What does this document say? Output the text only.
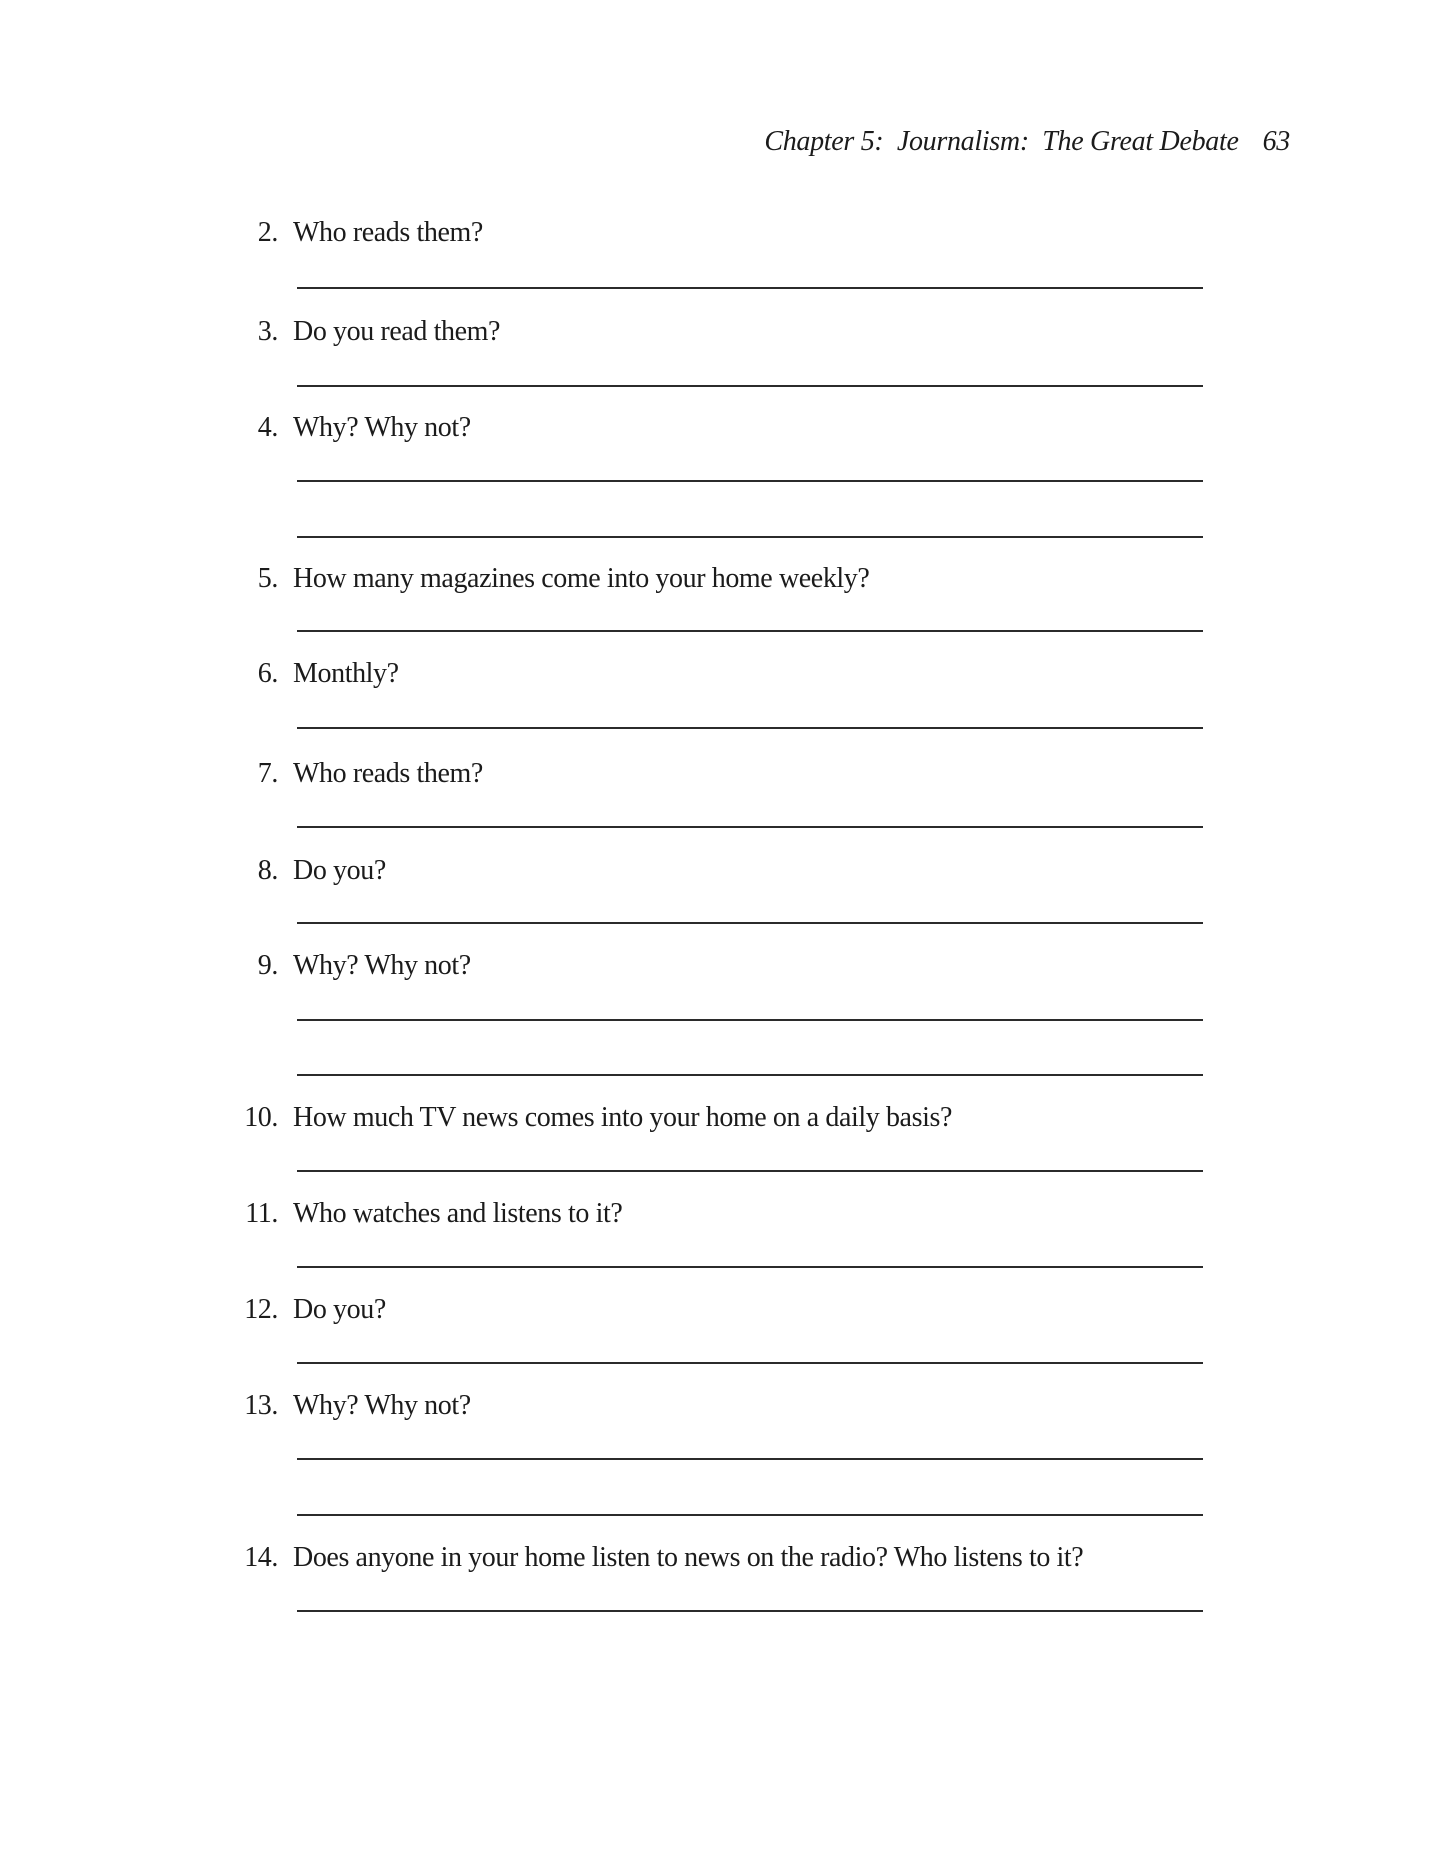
Chapter 5:  Journalism:  The Great Debate 63
2. Who reads them?
3. Do you read them?
4. Why? Why not?
5. How many magazines come into your home weekly?
6. Monthly?
7. Who reads them?
8. Do you?
9. Why? Why not?
10. How much TV news comes into your home on a daily basis?
11. Who watches and listens to it?
12. Do you?
13. Why? Why not?
14. Does anyone in your home listen to news on the radio? Who listens to it?
